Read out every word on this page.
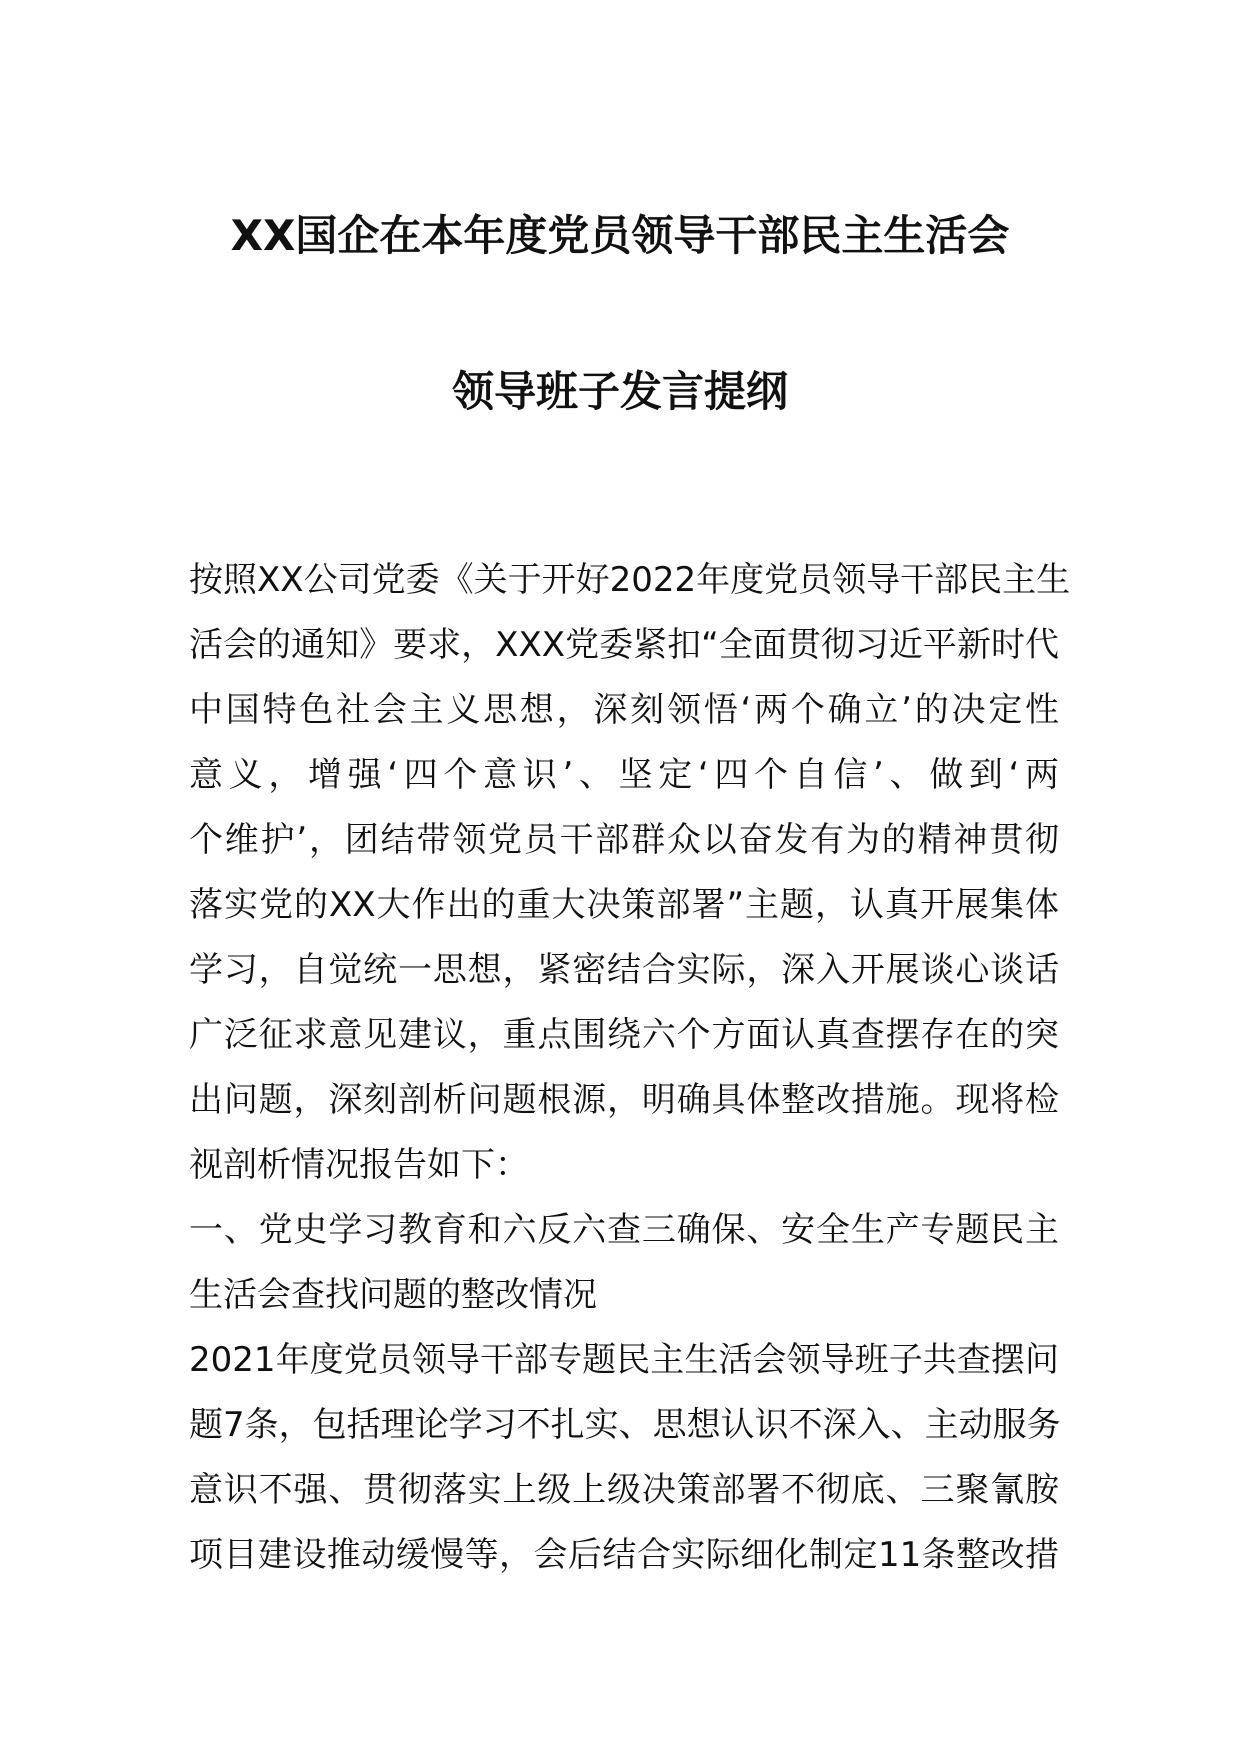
XX国企在本年度党员领导干部民主生活会
领导班子发言提纲
按照XX公司党委《关于开好2022年度党员领导干部民主生
活会的通知》要求，XXX党委紧扣“全面贯彻习近平新时代
中国特色社会主义思想，深刻领悟‘两个确立’的决定性
意义，增强‘四个意识’、坚定‘四个自信’、做到‘两
个维护’，团结带领党员干部群众以奋发有为的精神贯彻
落实党的XX大作出的重大决策部署”主题，认真开展集体
学习，自觉统一思想，紧密结合实际，深入开展谈心谈话
广泛征求意见建议，重点围绕六个方面认真查摆存在的突
出问题，深刻剖析问题根源，明确具体整改措施。现将检
视剖析情况报告如下：
一、党史学习教育和六反六查三确保、安全生产专题民主
生活会查找问题的整改情况
2021年度党员领导干部专题民主生活会领导班子共查摆问
题7条，包括理论学习不扎实、思想认识不深入、主动服务
意识不强、贯彻落实上级上级决策部署不彻底、三聚氰胺
项目建设推动缓慢等，会后结合实际细化制定11条整改措
